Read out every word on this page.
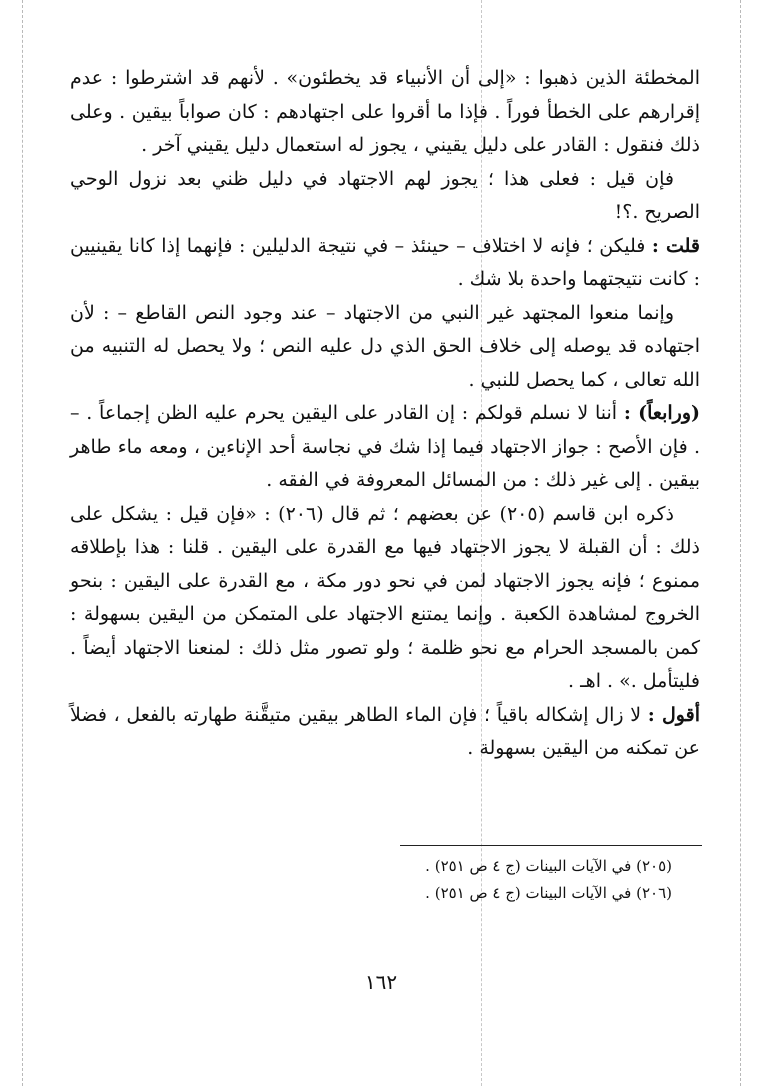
المخطئة الذين ذهبوا : «إلى أن الأنبياء قد يخطئون» . لأنهم قد اشترطوا : عدم إقرارهم على الخطأ فوراً . فإذا ما أقروا على اجتهادهم : كان صواباً بيقين . وعلى ذلك فنقول : القادر على دليل يقيني ، يجوز له استعمال دليل يقيني آخر .

فإن قيل : فعلى هذا ؛ يجوز لهم الاجتهاد في دليل ظني بعد نزول الوحي الصريح .؟!

قلت : فليكن ؛ فإنه لا اختلاف – حينئذ – في نتيجة الدليلين : فإنهما إذا كانا يقينيين : كانت نتيجتهما واحدة بلا شك .

وإنما منعوا المجتهد غير النبي من الاجتهاد – عند وجود النص القاطع – : لأن اجتهاده قد يوصله إلى خلاف الحق الذي دل عليه النص ؛ ولا يحصل له التنبيه من الله تعالى ، كما يحصل للنبي .

(ورابعاً) : أننا لا نسلم قولكم : إن القادر على اليقين يحرم عليه الظن إجماعاً . – . فإن الأصح : جواز الاجتهاد فيما إذا شك في نجاسة أحد الإناءين ، ومعه ماء طاهر بيقين . إلى غير ذلك : من المسائل المعروفة في الفقه .

ذكره ابن قاسم (٢٠٥) عن بعضهم ؛ ثم قال (٢٠٦) : «فإن قيل : يشكل على ذلك : أن القبلة لا يجوز الاجتهاد فيها مع القدرة على اليقين . قلنا : هذا بإطلاقه ممنوع ؛ فإنه يجوز الاجتهاد لمن في نحو دور مكة ، مع القدرة على اليقين : بنحو الخروج لمشاهدة الكعبة . وإنما يمتنع الاجتهاد على المتمكن من اليقين بسهولة : كمن بالمسجد الحرام مع نحو ظلمة ؛ ولو تصور مثل ذلك : لمنعنا الاجتهاد أيضاً . فليتأمل .» . اهـ .

أقول : لا زال إشكاله باقياً ؛ فإن الماء الطاهر بيقين متيقَّنة طهارته بالفعل ، فضلاً عن تمكنه من اليقين بسهولة .

(٢٠٥) في الآيات البينات (ج ٤ ص ٢٥١) .
(٢٠٦) في الآيات البينات (ج ٤ ص ٢٥١) .
١٦٢
